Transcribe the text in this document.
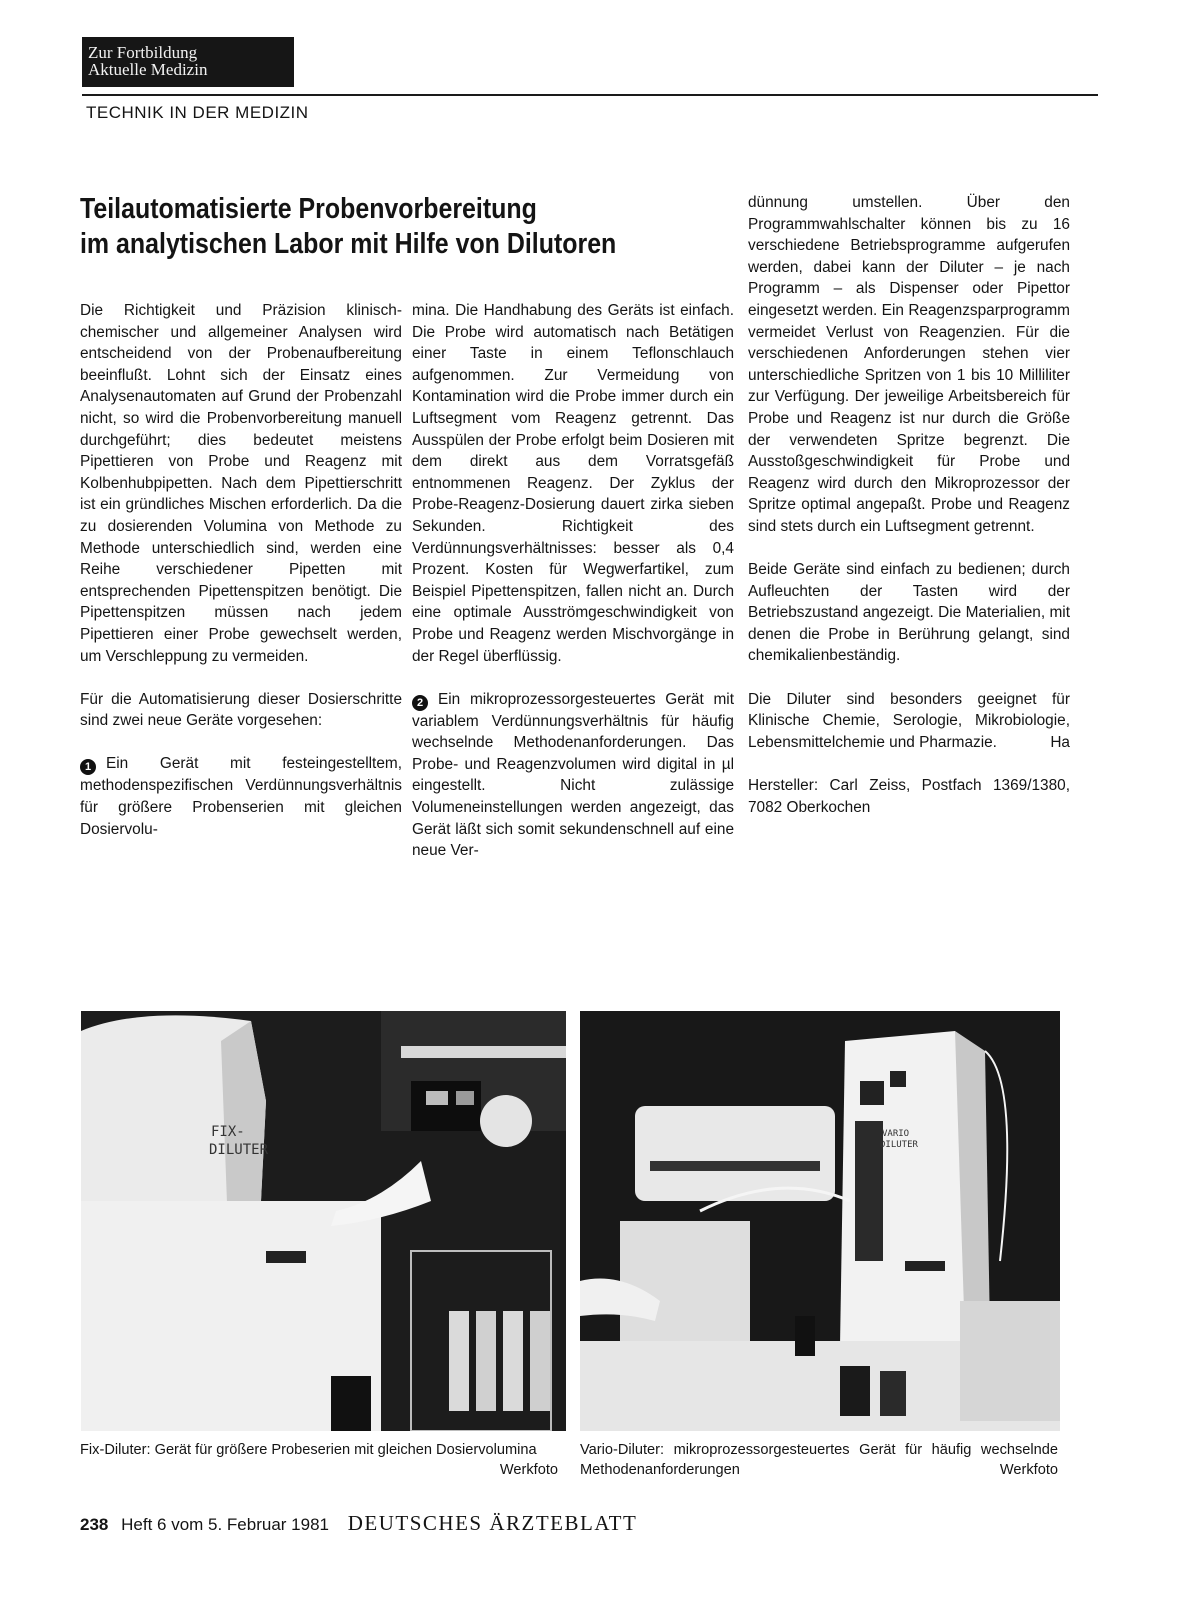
Zur Fortbildung
Aktuelle Medizin
TECHNIK IN DER MEDIZIN
Teilautomatisierte Probenvorbereitung
im analytischen Labor mit Hilfe von Dilutoren

Die Richtigkeit und Präzision klinisch-chemischer und allgemeiner Analysen wird entscheidend von der Probenaufbereitung beeinflußt. Lohnt sich der Einsatz eines Analysenautomaten auf Grund der Probenzahl nicht, so wird die Probenvorbereitung manuell durchgeführt; dies bedeutet meistens Pipettieren von Probe und Reagenz mit Kolbenhubpipetten. Nach dem Pipettierschritt ist ein gründliches Mischen erforderlich. Da die zu dosierenden Volumina von Methode zu Methode unterschiedlich sind, werden eine Reihe verschiedener Pipetten mit entsprechenden Pipettenspitzen benötigt. Die Pipettenspitzen müssen nach jedem Pipettieren einer Probe gewechselt werden, um Verschleppung zu vermeiden.

Für die Automatisierung dieser Dosierschritte sind zwei neue Geräte vorgesehen:

1 Ein Gerät mit festeingestelltem, methodenspezifischen Verdünnungsverhältnis für größere Probenserien mit gleichen Dosiervolu-

mina. Die Handhabung des Geräts ist einfach. Die Probe wird automatisch nach Betätigen einer Taste in einem Teflonschlauch aufgenommen. Zur Vermeidung von Kontamination wird die Probe immer durch ein Luftsegment vom Reagenz getrennt. Das Ausspülen der Probe erfolgt beim Dosieren mit dem direkt aus dem Vorratsgefäß entnommenen Reagenz. Der Zyklus der Probe-Reagenz-Dosierung dauert zirka sieben Sekunden. Richtigkeit des Verdünnungsverhältnisses: besser als 0,4 Prozent. Kosten für Wegwerfartikel, zum Beispiel Pipettenspitzen, fallen nicht an. Durch eine optimale Ausströmgeschwindigkeit von Probe und Reagenz werden Mischvorgänge in der Regel überflüssig.

2 Ein mikroprozessorgesteuertes Gerät mit variablem Verdünnungsverhältnis für häufig wechselnde Methodenanforderungen. Das Probe- und Reagenzvolumen wird digital in µl eingestellt. Nicht zulässige Volumeneinstellungen werden angezeigt, das Gerät läßt sich somit sekundenschnell auf eine neue Ver-

dünnung umstellen. Über den Programmwahlschalter können bis zu 16 verschiedene Betriebsprogramme aufgerufen werden, dabei kann der Diluter – je nach Programm – als Dispenser oder Pipettor eingesetzt werden. Ein Reagenzsparprogramm vermeidet Verlust von Reagenzien. Für die verschiedenen Anforderungen stehen vier unterschiedliche Spritzen von 1 bis 10 Milliliter zur Verfügung. Der jeweilige Arbeitsbereich für Probe und Reagenz ist nur durch die Größe der verwendeten Spritze begrenzt. Die Ausstoßgeschwindigkeit für Probe und Reagenz wird durch den Mikroprozessor der Spritze optimal angepaßt. Probe und Reagenz sind stets durch ein Luftsegment getrennt.

Beide Geräte sind einfach zu bedienen; durch Aufleuchten der Tasten wird der Betriebszustand angezeigt. Die Materialien, mit denen die Probe in Berührung gelangt, sind chemikalienbeständig.

Die Diluter sind besonders geeignet für Klinische Chemie, Serologie, Mikrobiologie, Lebensmittelchemie und Pharmazie.	Ha

Hersteller: Carl Zeiss, Postfach 1369/1380, 7082 Oberkochen

FIX-DILUTER
VARIO DILUTER
Fix-Diluter: Gerät für größere Probeserien mit gleichen Dosiervolumina
Werkfoto
Vario-Diluter: mikroprozessorgesteuertes Gerät für häufig wechselnde Methodenanforderungen	Werkfoto
238 Heft 6 vom 5. Februar 1981 DEUTSCHES ÄRZTEBLATT
